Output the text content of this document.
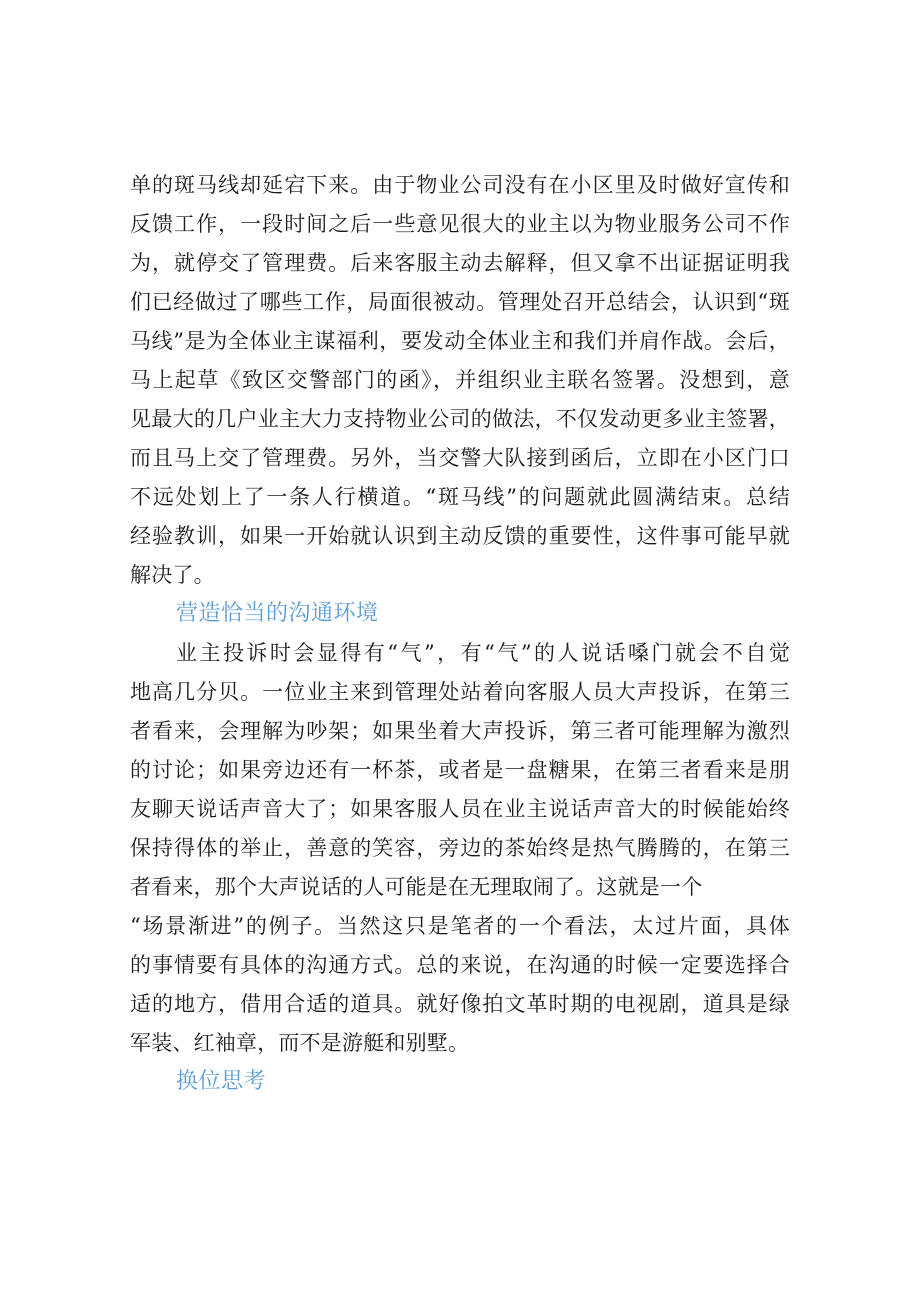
单的斑马线却延宕下来。由于物业公司没有在小区里及时做好宣传和
反馈工作，一段时间之后一些意见很大的业主以为物业服务公司不作
为，就停交了管理费。后来客服主动去解释，但又拿不出证据证明我
们已经做过了哪些工作，局面很被动。管理处召开总结会，认识到“斑
马线”是为全体业主谋福利，要发动全体业主和我们并肩作战。会后，
马上起草《致区交警部门的函》，并组织业主联名签署。没想到，意
见最大的几户业主大力支持物业公司的做法，不仅发动更多业主签署，
而且马上交了管理费。另外，当交警大队接到函后，立即在小区门口
不远处划上了一条人行横道。“斑马线”的问题就此圆满结束。总结
经验教训，如果一开始就认识到主动反馈的重要性，这件事可能早就
解决了。
营造恰当的沟通环境
业主投诉时会显得有“气”，有“气”的人说话嗓门就会不自觉
地高几分贝。一位业主来到管理处站着向客服人员大声投诉，在第三
者看来，会理解为吵架；如果坐着大声投诉，第三者可能理解为激烈
的讨论；如果旁边还有一杯茶，或者是一盘糖果，在第三者看来是朋
友聊天说话声音大了；如果客服人员在业主说话声音大的时候能始终
保持得体的举止，善意的笑容，旁边的茶始终是热气腾腾的，在第三
者看来，那个大声说话的人可能是在无理取闹了。这就是一个
“场景渐进”的例子。当然这只是笔者的一个看法，太过片面，具体
的事情要有具体的沟通方式。总的来说，在沟通的时候一定要选择合
适的地方，借用合适的道具。就好像拍文革时期的电视剧，道具是绿
军装、红袖章，而不是游艇和别墅。
换位思考
